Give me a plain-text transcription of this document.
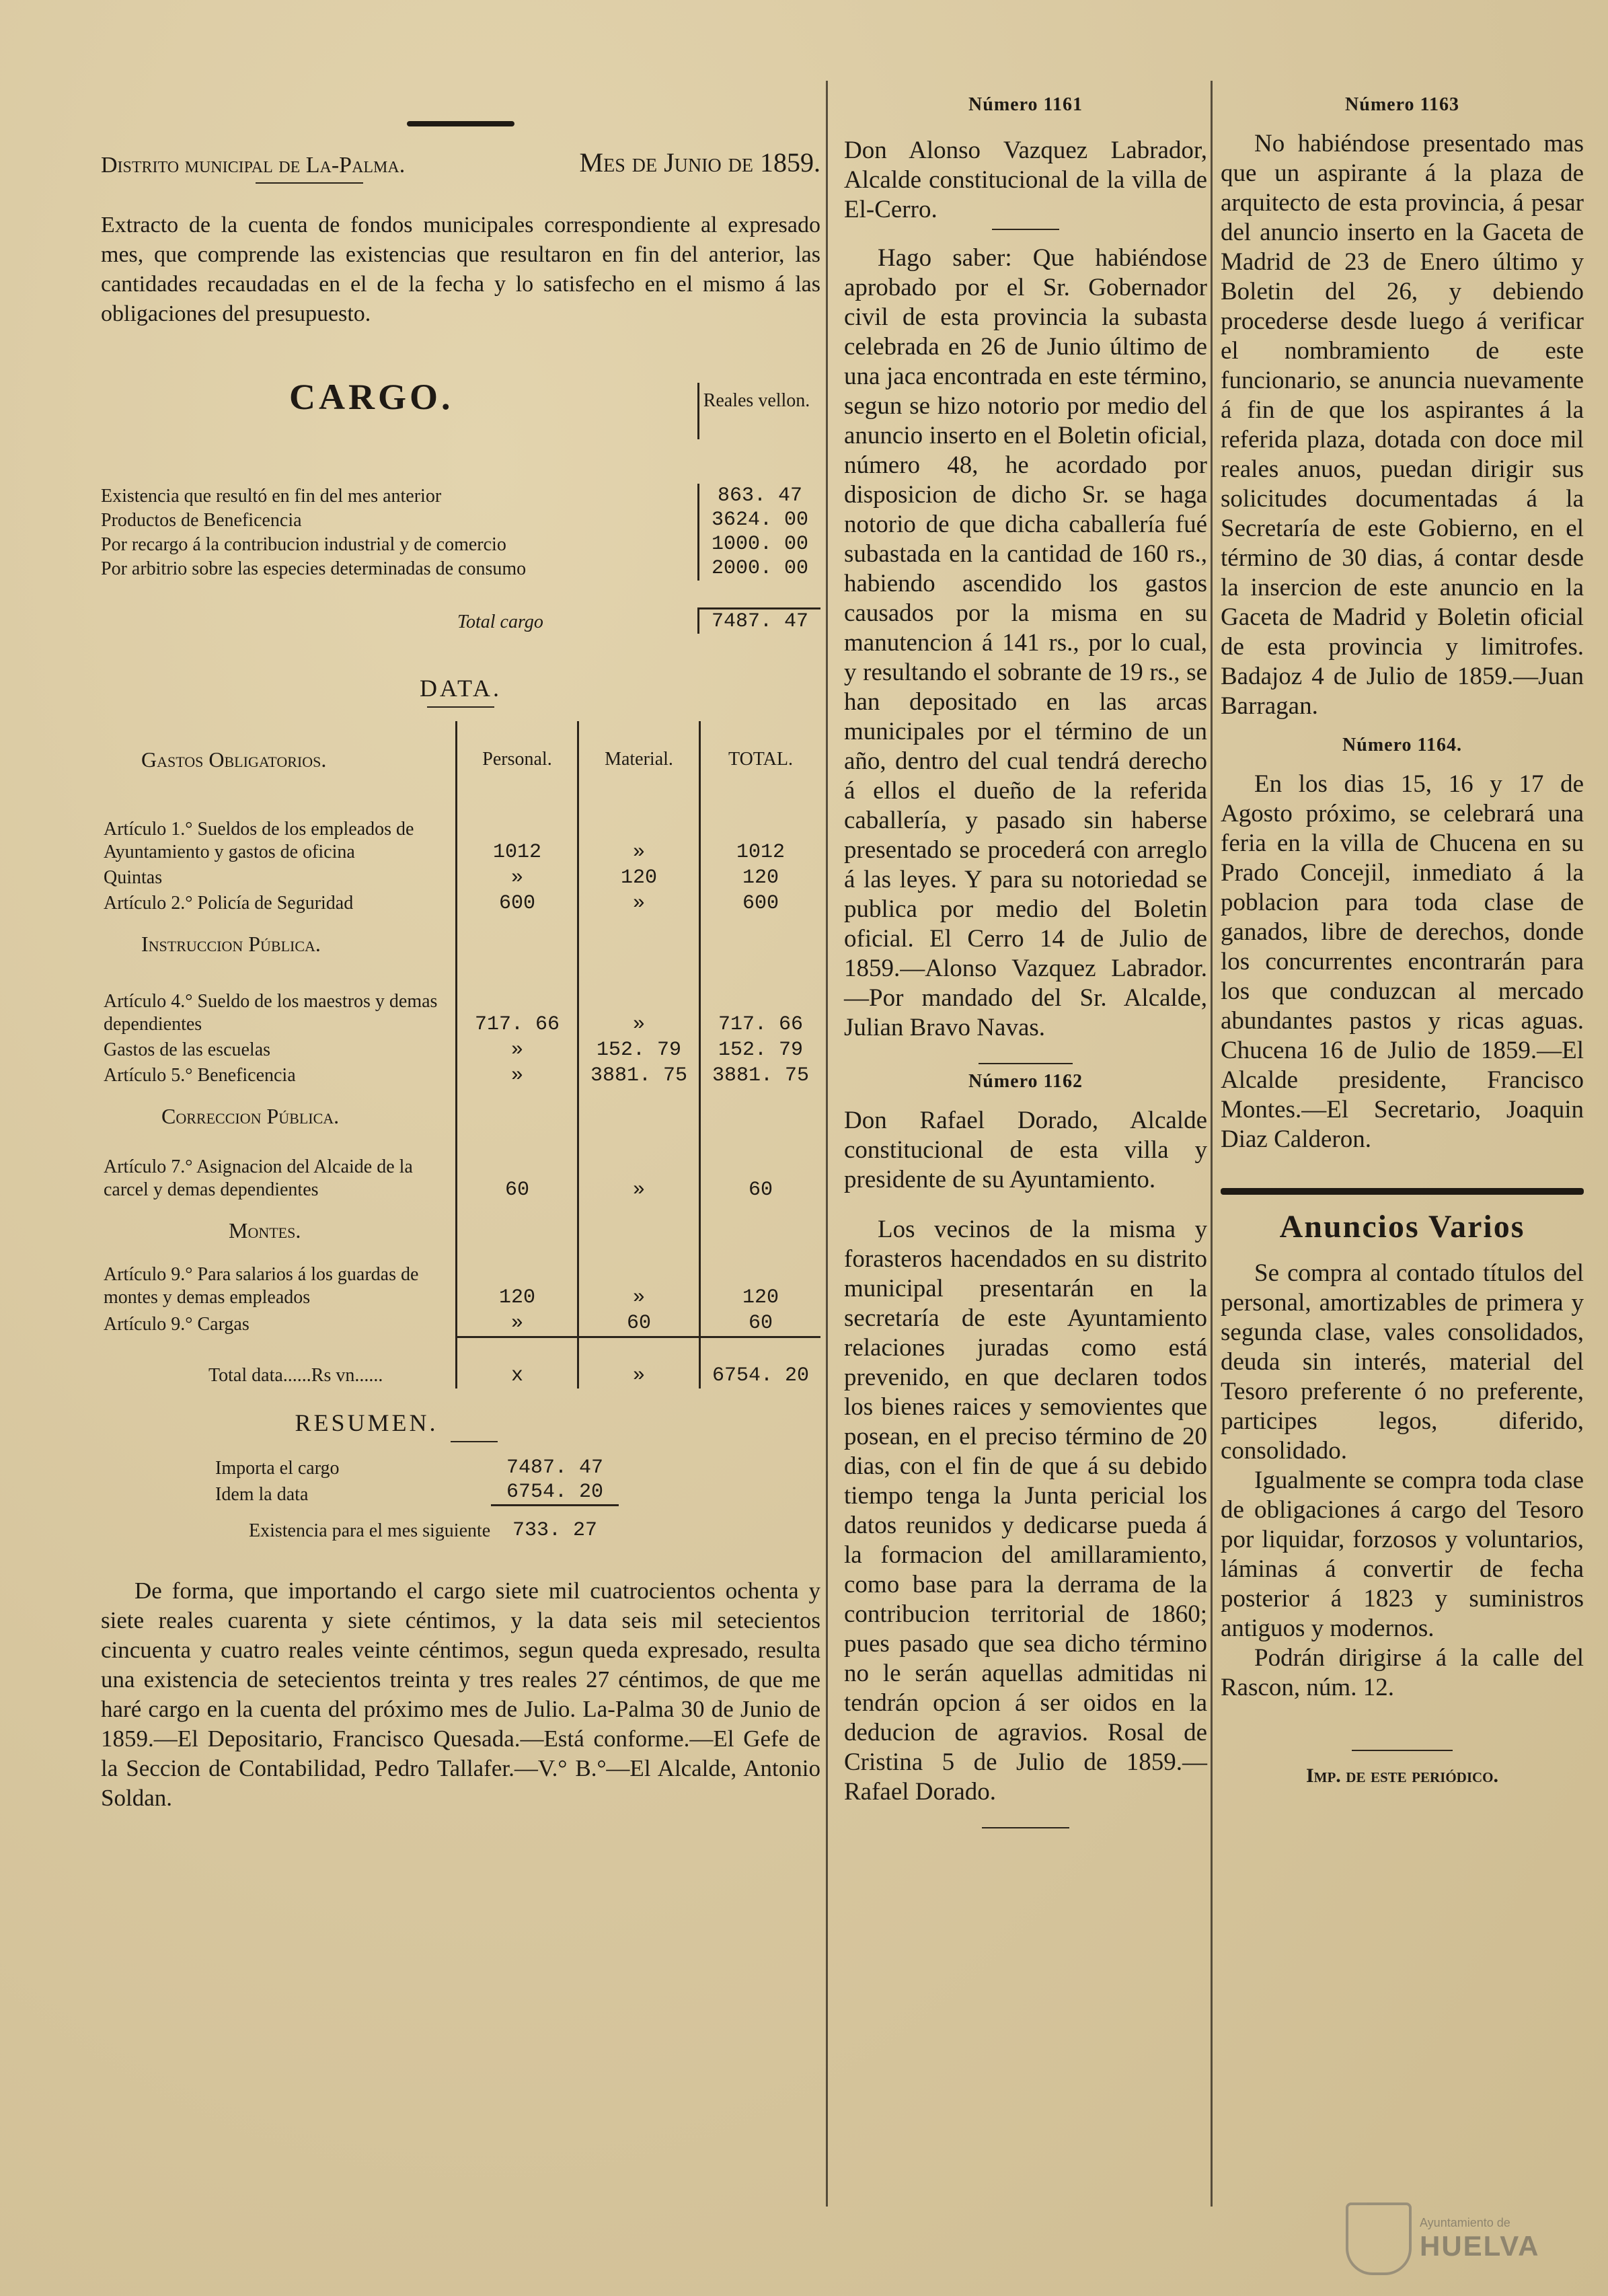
Distrito municipal de La-Palma.	Mes de Junio de 1859.

Extracto de la cuenta de fondos municipales correspondiente al expresado mes, que comprende las existencias que resultaron en fin del anterior, las cantidades recaudadas en el de la fecha y lo satisfecho en el mismo á las obligaciones del presupuesto.

CARGO.	Reales vellon.
Existencia que resultó en fin del mes anterior	863. 47
Productos de Beneficencia	3624. 00
Por recargo á la contribucion industrial y de comercio	1000. 00
Por arbitrio sobre las especies determinadas de consumo	2000. 00
Total cargo	7487. 47
DATA.
Gastos Obligatorios.	Personal.	Material.	TOTAL.
Artículo 1.° Sueldos de los empleados de Ayuntamiento y gastos de oficina	1012	»	1012
Quintas	»	120	120
Artículo 2.° Policía de Seguridad	600	»	600
Instruccion Pública.			
Artículo 4.° Sueldo de los maestros y demas dependientes	717. 66	»	717. 66
Gastos de las escuelas	»	152. 79	152. 79
Artículo 5.° Beneficencia	»	3881. 75	3881. 75
Correccion Pública.			
Artículo 7.° Asignacion del Alcaide de la carcel y demas dependientes	60	»	60
Montes.			
Artículo 9.° Para salarios á los guardas de montes y demas empleados	120	»	120
Artículo 9.° Cargas	»	60	60
Total data......Rs vn......	x	»	6754. 20
RESUMEN.
Importa el cargo	7487. 47
Idem la data	6754. 20
Existencia para el mes siguiente	733. 27

De forma, que importando el cargo siete mil cuatrocientos ochenta y siete reales cuarenta y siete céntimos, y la data seis mil setecientos cincuenta y cuatro reales veinte céntimos, segun queda expresado, resulta una existencia de setecientos treinta y tres reales 27 céntimos, de que me haré cargo en la cuenta del próximo mes de Julio. La-Palma 30 de Junio de 1859.—El Depositario, Francisco Quesada.—Está conforme.—El Gefe de la Seccion de Contabilidad, Pedro Tallafer.—V.° B.°—El Alcalde, Antonio Soldan.

Número 1161

Don Alonso Vazquez Labrador, Alcalde constitucional de la villa de El-Cerro.

Hago saber: Que habiéndose aprobado por el Sr. Gobernador civil de esta provincia la subasta celebrada en 26 de Junio último de una jaca encontrada en este término, segun se hizo notorio por medio del anuncio inserto en el Boletin oficial, número 48, he acordado por disposicion de dicho Sr. se haga notorio de que dicha caballería fué subastada en la cantidad de 160 rs., habiendo ascendido los gastos causados por la misma en su manutencion á 141 rs., por lo cual, y resultando el sobrante de 19 rs., se han depositado en las arcas municipales por el término de un año, dentro del cual tendrá derecho á ellos el dueño de la referida caballería, y pasado sin haberse presentado se procederá con arreglo á las leyes. Y para su notoriedad se publica por medio del Boletin oficial. El Cerro 14 de Julio de 1859.—Alonso Vazquez Labrador.—Por mandado del Sr. Alcalde, Julian Bravo Navas.

Número 1162

Don Rafael Dorado, Alcalde constitucional de esta villa y presidente de su Ayuntamiento.

Los vecinos de la misma y forasteros hacendados en su distrito municipal presentarán en la secretaría de este Ayuntamiento relaciones juradas como está prevenido, en que declaren todos los bienes raices y semovientes que posean, en el preciso término de 20 dias, con el fin de que á su debido tiempo tenga la Junta pericial los datos reunidos y dedicarse pueda á la formacion del amillaramiento, como base para la derrama de la contribucion territorial de 1860; pues pasado que sea dicho término no le serán aquellas admitidas ni tendrán opcion á ser oidos en la deducion de agravios. Rosal de Cristina 5 de Julio de 1859.—Rafael Dorado.

Número 1163

No habiéndose presentado mas que un aspirante á la plaza de arquitecto de esta provincia, á pesar del anuncio inserto en la Gaceta de Madrid de 23 de Enero último y Boletin del 26, y debiendo procederse desde luego á verificar el nombramiento de este funcionario, se anuncia nuevamente á fin de que los aspirantes á la referida plaza, dotada con doce mil reales anuos, puedan dirigir sus solicitudes documentadas á la Secretaría de este Gobierno, en el término de 30 dias, á contar desde la insercion de este anuncio en la Gaceta de Madrid y Boletin oficial de esta provincia y limitrofes. Badajoz 4 de Julio de 1859.—Juan Barragan.

Número 1164.

En los dias 15, 16 y 17 de Agosto próximo, se celebrará una feria en la villa de Chucena en su Prado Concejil, inmediato á la poblacion para toda clase de ganados, libre de derechos, donde los concurrentes encontrarán para los que conduzcan al mercado abundantes pastos y ricas aguas. Chucena 16 de Julio de 1859.—El Alcalde presidente, Francisco Montes.—El Secretario, Joaquin Diaz Calderon.

Anuncios Varios

Se compra al contado títulos del personal, amortizables de primera y segunda clase, vales consolidados, deuda sin interés, material del Tesoro preferente ó no preferente, participes legos, diferido, consolidado.

Igualmente se compra toda clase de obligaciones á cargo del Tesoro por liquidar, forzosos y voluntarios, láminas á convertir de fecha posterior á 1823 y suministros antiguos y modernos.

Podrán dirigirse á la calle del Rascon, núm. 12.

Imp. de este periódico.
Ayuntamiento de
HUELVA
